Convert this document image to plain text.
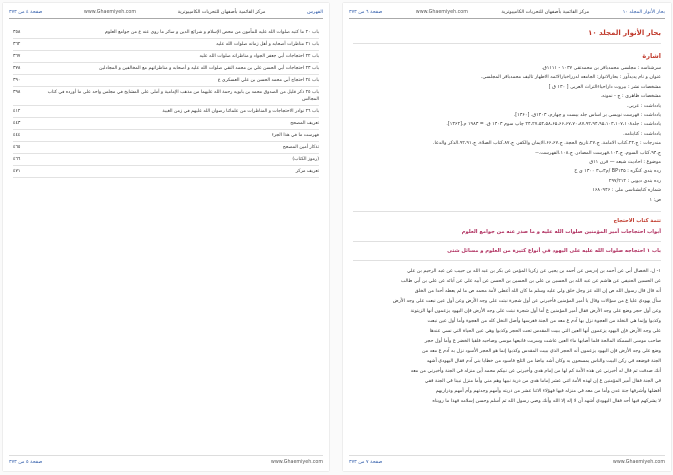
الفهرس
مركز القائمية بأصفهان للتحريات الكامپيوترية
www.Ghaemiyeh.com
صفحة ٤ من ٣٧٣
باب ٢٠ ما كتبه صلوات الله عليه للمأمون من محض الإسلام و شرائع الدين و سائر ما روي عنه ع من جوامع العلوم
٣٥٨
باب ٢١ مناظرات أصحابه و أهل زمانه صلوات الله عليه
٣٦٢
باب ٢٢ احتجاجات أبي جعفر الجواد و مناظراته صلوات الله عليه
٣٦٧
باب ٢٣ احتجاجات أبي الحسن علي بن محمد النقي صلوات الله عليه و أصحابه و مناظراتهم مع المخالفين و المجادلين
٣٧٨
باب ٢٤ احتجاج أبي محمد الحسن بن علي العسكري ع
٣٩٠
باب ٢٥ ذكر قليل من الصدوق محمد بن بابويه رحمة الله عليهما من مذهب الإمامية و أملى على المشايخ في مجلس واحد على ما أورده في كتاب المجالس
٣٩٨
باب ٢٦ نوادر الاحتجاجات و المناظرات من علمائنا رضوان الله عليهم في زمن الغيبة
٤١٢
تعريف المصحح
٤٤٣
فهرست ما في هذا الجزء
٤٤٤
تذكار أمين المصحح
٤٦٥
(رموز الكتاب)
٤٦٦
تعريف مركز
٤٧١
www.Ghaemiyeh.com
صفحة ٥ من ٣٧٣
بحار الأنوار المجلد ١٠
مركز القائمية بأصفهان للتحريات الكامپيوترية
www.Ghaemiyeh.com
صفحة ٦ من ٣٧٣
بحار الأنوار المجلد ١٠
اشارة
سرشناسه : مجلسی محمدباقر بن محمدتقی ١٠٣٧ - ١١١١ق.
عنوان و نام پدیدآور : بحارالانوار: الجامعه لدرراخبارالائمه الاطهار تالیف محمدباقر المجلسی.
مشخصات نشر : بیروت داراحیاءالتراث العربی [ ١٣٠ ق ]
مشخصات ظاهری : ج - نمونه.
یادداشت : عربی.
یادداشت : فهرست نویسی بر اساس جلد بیست و چهارم، ١۴٠٣ق. [١٣۶٠].
یادداشت : جلد٢۴،٢٧،۵۴،۵٨،۶۵،۶۶،۶٧،٧٠،٨٧،٩٢،٩۴،٩۵،١٠٣،١٠٧،١٠٨ چاپ سوم ١۴٠٣ ق. = ١٩٨٣ م.[١٣۶٢].
یادداشت : کتابنامه.
مندرجات : ج.٢۴.کتاب الامامة. ج.٢٧.تاریخ الحجة. ج.۶۶،۶٧.الایمان والکفر. ج.٨٧.کتاب الصلاة. ج.٩٢،٩١.الذکر والدعا.
ج.٩۴.کتاب السوم. ج.١٠٣.فهرست المصادر. ج.١٠٨.الفهرست.--
موضوع : احادیث شیعه — قرن ١١ق
رده بندی کنگره : BP١٣۵ /م٣ب٣ ١٣٠٠ ی ح
رده بندی دیویی : ٢٩٧/٢١٢
شماره کتابشناسی ملی : ١۶٨٠٩۴۶
ص: ١
تتمة كتاب الاحتجاج
أبواب احتجاجات أمير المؤمنين صلوات الله عليه و ما صدر عنه من جوامع العلوم
باب ١ احتجاجه صلوات الله عليه على اليهود في أنواع كثيرة من العلوم و مسائل شتى

١- ل، الخصال أبي عن أحمد بن إدريس عن أحمد بن يحيى عن زكريا المؤمن عن بكر بن عبد الله بن حبيب عن عبد الرحيم بن علي

عن الحسين الحنيفي عن هاشم عن عبد الله بن الحسين بن علي بن الحسين بن الحسن عن أبيه علي عن آبائه عن علي بن أبي طالب

أنه قال قال رسول الله ص إن الله عز وجل خلق ولي عليه وسلم ما كان الله أعطى لأمة محمد ص ما لم يعطه أحدا من الخلق

سأل يهودي عليا ع من سؤالات وقال يا أمير المؤمنين فأخبرني عن أول شجرة نبتت على وجه الأرض وعن أول عين نبعت على وجه الأرض

وعن أول حجر وضع على وجه الأرض فقال أمير المؤمنين ع أما أول شجرة نبتت على وجه الأرض فإن اليهود يزعمون أنها الزيتونة

وكذبوا وإنما هي النخلة من العجوة نزل بها آدم ع معه من الجنة فغرسها وأصل النخل كله من العجوة وأما أول عين نبعت

على وجه الأرض فإن اليهود يزعمون أنها العين التي ببيت المقدس تحت الحجر وكذبوا وهي عين الحياة التي نسي عندها

صاحب موسى السمكة المالحة فلما أصابها ماء العين عاشت وسربت فاتبعها موسى وصاحبه فلقيا الخضر ع وأما أول حجر

وضع على وجه الأرض فإن اليهود يزعمون أنه الحجر الذي ببيت المقدس وكذبوا إنما هو الحجر الأسود نزل به آدم ع معه من

الجنة فوضعه في ركن البيت والناس يمسحون به وكان أشد بياضا من الثلج فاسود من خطايا بني آدم فقال اليهودي أشهد

أنك صدقت ثم قال له أخبرني عن هذه الأمة كم لها من إمام هدى وأخبرني عن نبيكم محمد أين منزله في الجنة وأخبرني من معه

في الجنة فقال أمير المؤمنين ع إن لهذه الأمة اثني عشر إماما هدى من ذرية نبيها وهم مني وأما منزل نبينا في الجنة ففي

أفضلها وأشرفها جنة عدن وأما من معه في منزله فيها فهؤلاء الاثنا عشر من ذريته وأمهم وجدتهم وأم أمهم وذراريهم

لا يشركهم فيها أحد فقال اليهودي أشهد أن لا إله إلا الله وأنك وصي رسول الله ثم أسلم وحسن إسلامه فهذا ما رويناه

www.Ghaemiyeh.com
صفحة ٧ من ٣٧٣
